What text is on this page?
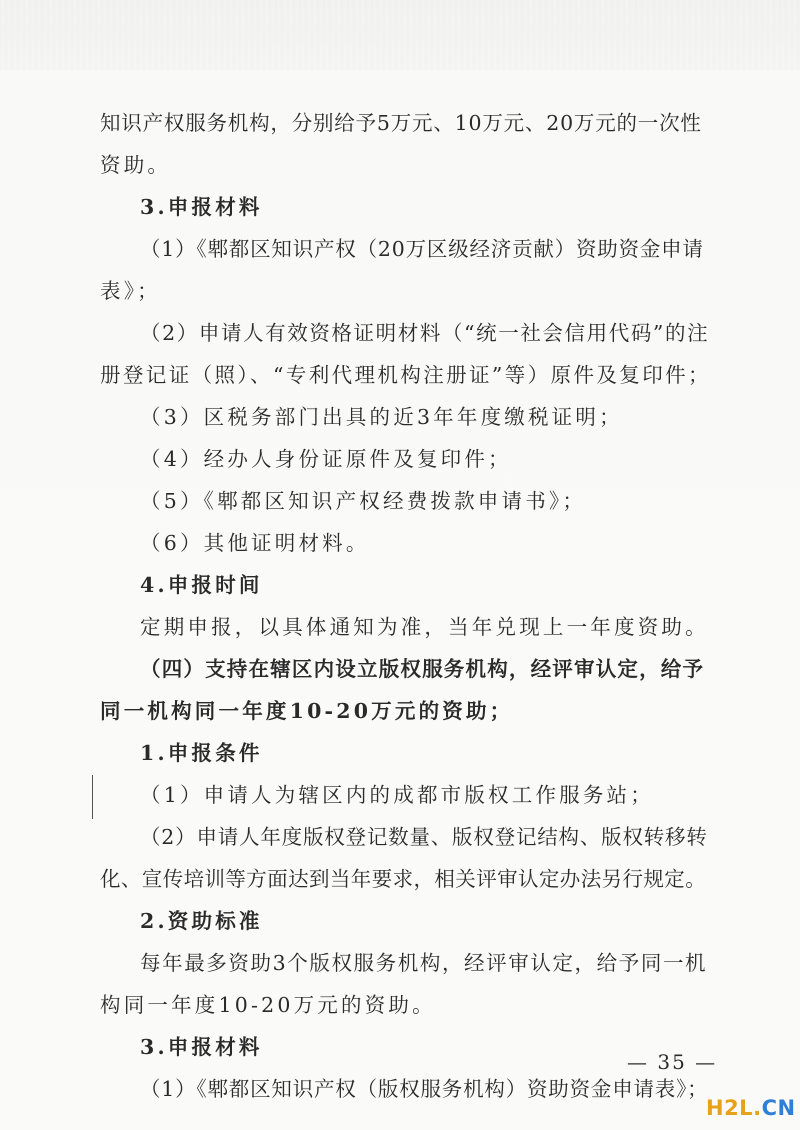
知识产权服务机构，分别给予5万元、10万元、20万元的一次性
资助。
3.申报材料
（1）《郫都区知识产权（20万区级经济贡献）资助资金申请
表》；
（2）申请人有效资格证明材料（“统一社会信用代码”的注
册登记证（照）、“专利代理机构注册证”等）原件及复印件；
（3）区税务部门出具的近3年年度缴税证明；
（4）经办人身份证原件及复印件；
（5）《郫都区知识产权经费拨款申请书》；
（6）其他证明材料。
4.申报时间
定期申报，以具体通知为准，当年兑现上一年度资助。
（四）支持在辖区内设立版权服务机构，经评审认定，给予
同一机构同一年度10-20万元的资助；
1.申报条件
（1）申请人为辖区内的成都市版权工作服务站；
（2）申请人年度版权登记数量、版权登记结构、版权转移转
化、宣传培训等方面达到当年要求，相关评审认定办法另行规定。
2.资助标准
每年最多资助3个版权服务机构，经评审认定，给予同一机
构同一年度10-20万元的资助。
3.申报材料
（1）《郫都区知识产权（版权服务机构）资助资金申请表》；
— 35 —
H2L.CN
